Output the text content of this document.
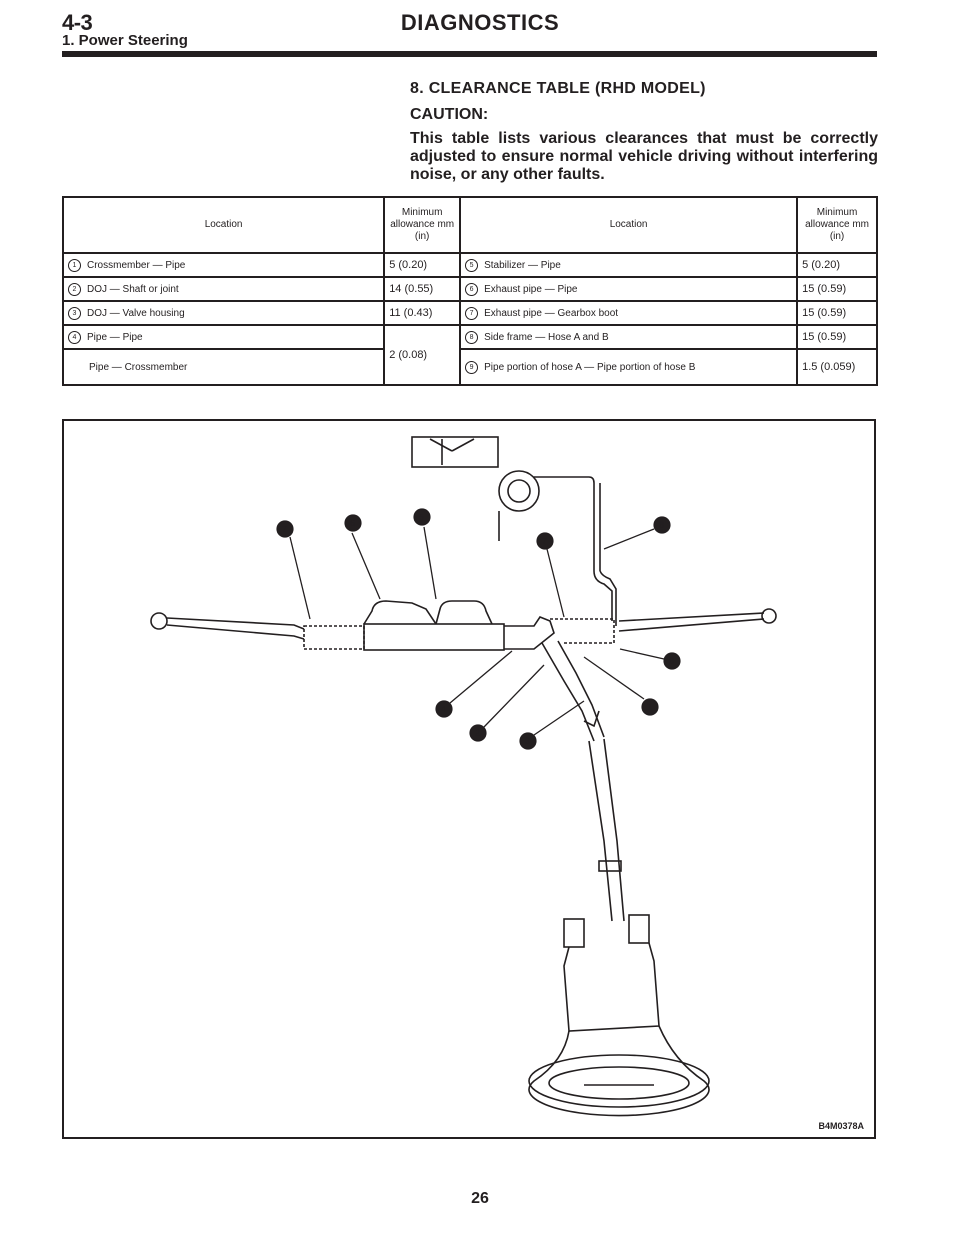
4-3	DIAGNOSTICS
1. Power Steering
8. CLEARANCE TABLE (RHD MODEL)
CAUTION:
This table lists various clearances that must be correctly adjusted to ensure normal vehicle driving without interfering noise, or any other faults.
Location	Minimum allowance mm (in)	Location	Minimum allowance mm (in)
1 Crossmember — Pipe	5 (0.20)	5 Stabilizer — Pipe	5 (0.20)
2 DOJ — Shaft or joint	14 (0.55)	6 Exhaust pipe — Pipe	15 (0.59)
3 DOJ — Valve housing	11 (0.43)	7 Exhaust pipe — Gearbox boot	15 (0.59)
4 Pipe — Pipe	2 (0.08)	8 Side frame — Hose A and B	15 (0.59)
Pipe — Crossmember		9 Pipe portion of hose A — Pipe portion of hose B	1.5 (0.059)
7
6
5
7
8
8
4
2
3
1
B4M0378A
26
